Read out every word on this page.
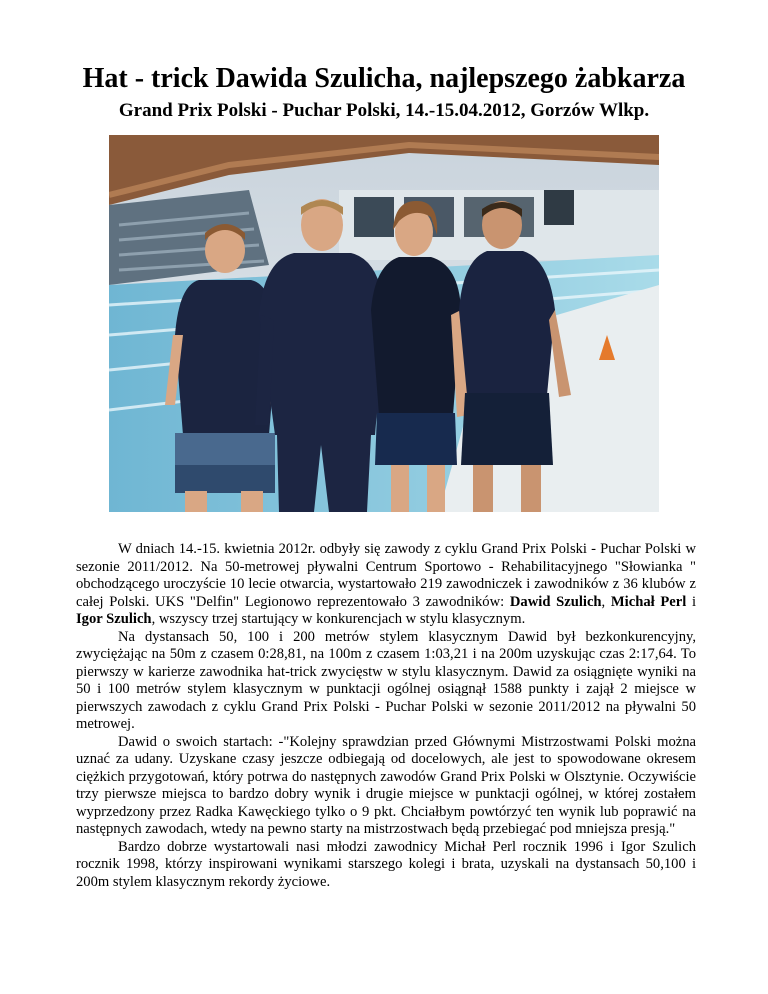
Hat - trick Dawida Szulicha, najlepszego żabkarza
Grand Prix Polski - Puchar Polski, 14.-15.04.2012, Gorzów Wlkp.

W dniach 14.-15. kwietnia 2012r. odbyły się zawody z cyklu Grand Prix Polski - Puchar Polski w sezonie 2011/2012. Na 50-metrowej pływalni Centrum Sportowo - Rehabilitacyjnego "Słowianka " obchodzącego uroczyście 10 lecie otwarcia, wystartowało 219 zawodniczek i zawodników z 36 klubów z całej Polski. UKS "Delfin" Legionowo reprezentowało 3 zawodników: Dawid Szulich, Michał Perl i Igor Szulich, wszyscy trzej startujący w konkurencjach w stylu klasycznym.

Na dystansach 50, 100 i 200 metrów stylem klasycznym Dawid był bezkonkurencyjny, zwyciężając na 50m z czasem 0:28,81, na 100m z czasem 1:03,21 i na 200m uzyskując czas 2:17,64. To pierwszy w karierze zawodnika hat-trick zwycięstw w stylu klasycznym. Dawid za osiągnięte wyniki na 50 i 100 metrów stylem klasycznym w punktacji ogólnej osiągnął 1588 punkty i zajął 2 miejsce w pierwszych zawodach z cyklu Grand Prix Polski - Puchar Polski w sezonie 2011/2012 na pływalni 50 metrowej.

Dawid o swoich startach: -"Kolejny sprawdzian przed Głównymi Mistrzostwami Polski można uznać za udany. Uzyskane czasy jeszcze odbiegają od docelowych, ale jest to spowodowane okresem ciężkich przygotowań, który potrwa do następnych zawodów Grand Prix Polski w Olsztynie. Oczywiście trzy pierwsze miejsca to bardzo dobry wynik i drugie miejsce w punktacji ogólnej, w której zostałem wyprzedzony przez Radka Kawęckiego tylko o 9 pkt. Chciałbym powtórzyć ten wynik lub poprawić na następnych zawodach, wtedy na pewno starty na mistrzostwach będą przebiegać pod mniejsza presją."

Bardzo dobrze wystartowali nasi młodzi zawodnicy Michał Perl rocznik 1996 i Igor Szulich rocznik 1998, którzy inspirowani wynikami starszego kolegi i brata, uzyskali na dystansach 50,100 i 200m stylem klasycznym rekordy życiowe.
